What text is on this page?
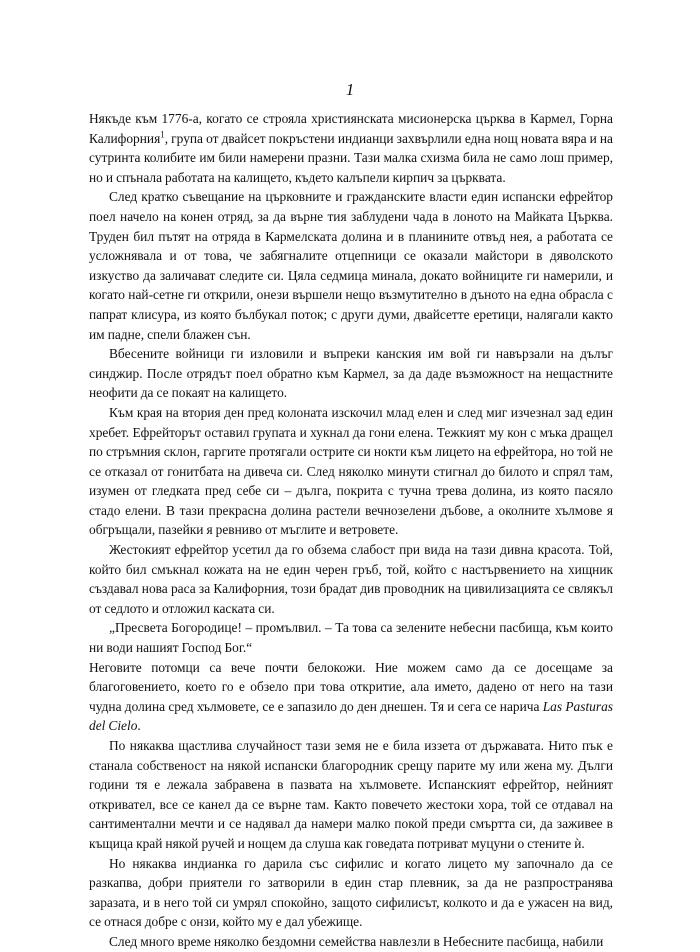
1

Някъде към 1776-а, когато се строяла християнската мисионерска църква в Кармел, Горна Калифорния$^1$, група от двайсет покръстени индианци захвърлили една нощ новата вяра и на сутринта колибите им били намерени празни. Тази малка схизма била не само лош пример, но и спънала работата на калището, където калъпели кирпич за църквата.

След кратко съвещание на църковните и гражданските власти един испански ефрейтор поел начело на конен отряд, за да върне тия заблудени чада в лоното на Майката Църква. Труден бил пътят на отряда в Кармелската долина и в планините отвъд нея, а работата се усложнявала и от това, че забягналите отцепници се оказали майстори в дяволското изкуство да заличават следите си. Цяла седмица минала, докато войниците ги намерили, и когато най-сетне ги открили, онези вършели нещо възмутително в дъното на една обрасла с папрат клисура, из която бълбукал поток; с други думи, двайсетте еретици, налягали както им падне, спели блажен сън.

Вбесените войници ги изловили и въпреки канския им вой ги навързали на дълъг синджир. После отрядът поел обратно към Кармел, за да даде възможност на нещастните неофити да се покаят на калището.

Към края на втория ден пред колоната изскочил млад елен и след миг изчезнал зад един хребет. Ефрейторът оставил групата и хукнал да гони елена. Тежкият му кон с мъка дращел по стръмния склон, гаргите протягали острите си нокти към лицето на ефрейтора, но той не се отказал от гонитбата на дивеча си. След няколко минути стигнал до билото и спрял там, изумен от гледката пред себе си – дълга, покрита с тучна трева долина, из която пасяло стадо елени. В тази прекрасна долина растели вечнозелени дъбове, а околните хълмове я обгръщали, пазейки я ревниво от мъглите и ветровете.

Жестокият ефрейтор усетил да го обзема слабост при вида на тази дивна красота. Той, който бил смъкнал кожата на не един черен гръб, той, който с настървението на хищник създавал нова раса за Калифорния, този брадат див проводник на цивилизацията се свлякъл от седлото и отложил каската си.

„Пресвета Богородице! – промълвил. – Та това са зелените небесни пасбища, към които ни води нашият Господ Бог.“

Неговите потомци са вече почти белокожи. Ние можем само да се досещаме за благоговението, което го е обзело при това откритие, ала името, дадено от него на тази чудна долина сред хълмовете, се е запазило до ден днешен. Тя и сега се нарича Las Pasturas del Cielo.

По някаква щастлива случайност тази земя не е била иззета от държавата. Нито пък е станала собственост на някой испански благородник срещу парите му или жена му. Дълги години тя е лежала забравена в пазвата на хълмовете. Испанският ефрейтор, нейният откривател, все се канел да се върне там. Както повечето жестоки хора, той се отдавал на сантиментални мечти и се надявал да намери малко покой преди смъртта си, да заживее в къщица край някой ручей и нощем да слуша как говедата потриват муцуни о стените ѝ.

Но някаква индианка го дарила със сифилис и когато лицето му започнало да се разкапва, добри приятели го затворили в един стар плевник, за да не разпространява заразата, и в него той си умрял спокойно, защото сифилисът, колкото и да е ужасен на вид, се отнася добре с онзи, който му е дал убежище.

След много време няколко бездомни семейства навлезли в Небесните пасбища, набили
